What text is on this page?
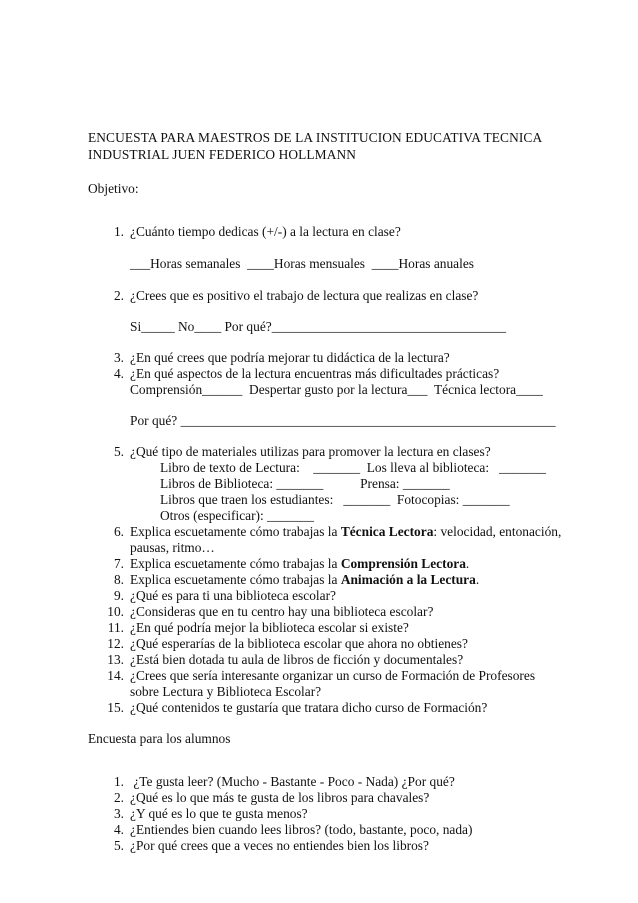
ENCUESTA PARA MAESTROS DE LA INSTITUCION EDUCATIVA TECNICA
INDUSTRIAL JUEN FEDERICO HOLLMANN
Objetivo:
1. ¿Cuánto tiempo dedicas (+/-) a la lectura en clase?
___Horas semanales  ____Horas mensuales  ____Horas anuales
2. ¿Crees que es positivo el trabajo de lectura que realizas en clase?
Si_____ No____ Por qué?___________________________________
3. ¿En qué crees que podría mejorar tu didáctica de la lectura?
4. ¿En qué aspectos de la lectura encuentras más dificultades prácticas?
Comprensión______  Despertar gusto por la lectura___  Técnica lectora____
Por qué? ________________________________________________________
5. ¿Qué tipo de materiales utilizas para promover la lectura en clases?
Libro de texto de Lectura:    _______  Los lleva al biblioteca:   _______
Libros de Biblioteca: _______           Prensa: _______
Libros que traen los estudiantes:   _______  Fotocopias: _______
Otros (especificar): _______
6. Explica escuetamente cómo trabajas la Técnica Lectora: velocidad, entonación,
pausas, ritmo…
7. Explica escuetamente cómo trabajas la Comprensión Lectora.
8. Explica escuetamente cómo trabajas la Animación a la Lectura.
9. ¿Qué es para ti una biblioteca escolar?
10. ¿Consideras que en tu centro hay una biblioteca escolar?
11. ¿En qué podría mejor la biblioteca escolar si existe?
12. ¿Qué esperarías de la biblioteca escolar que ahora no obtienes?
13. ¿Está bien dotada tu aula de libros de ficción y documentales?
14. ¿Crees que sería interesante organizar un curso de Formación de Profesores
sobre Lectura y Biblioteca Escolar?
15. ¿Qué contenidos te gustaría que tratara dicho curso de Formación?
Encuesta para los alumnos
1. ¿Te gusta leer? (Mucho - Bastante - Poco - Nada) ¿Por qué?
2. ¿Qué es lo que más te gusta de los libros para chavales?
3. ¿Y qué es lo que te gusta menos?
4. ¿Entiendes bien cuando lees libros? (todo, bastante, poco, nada)
5. ¿Por qué crees que a veces no entiendes bien los libros?
